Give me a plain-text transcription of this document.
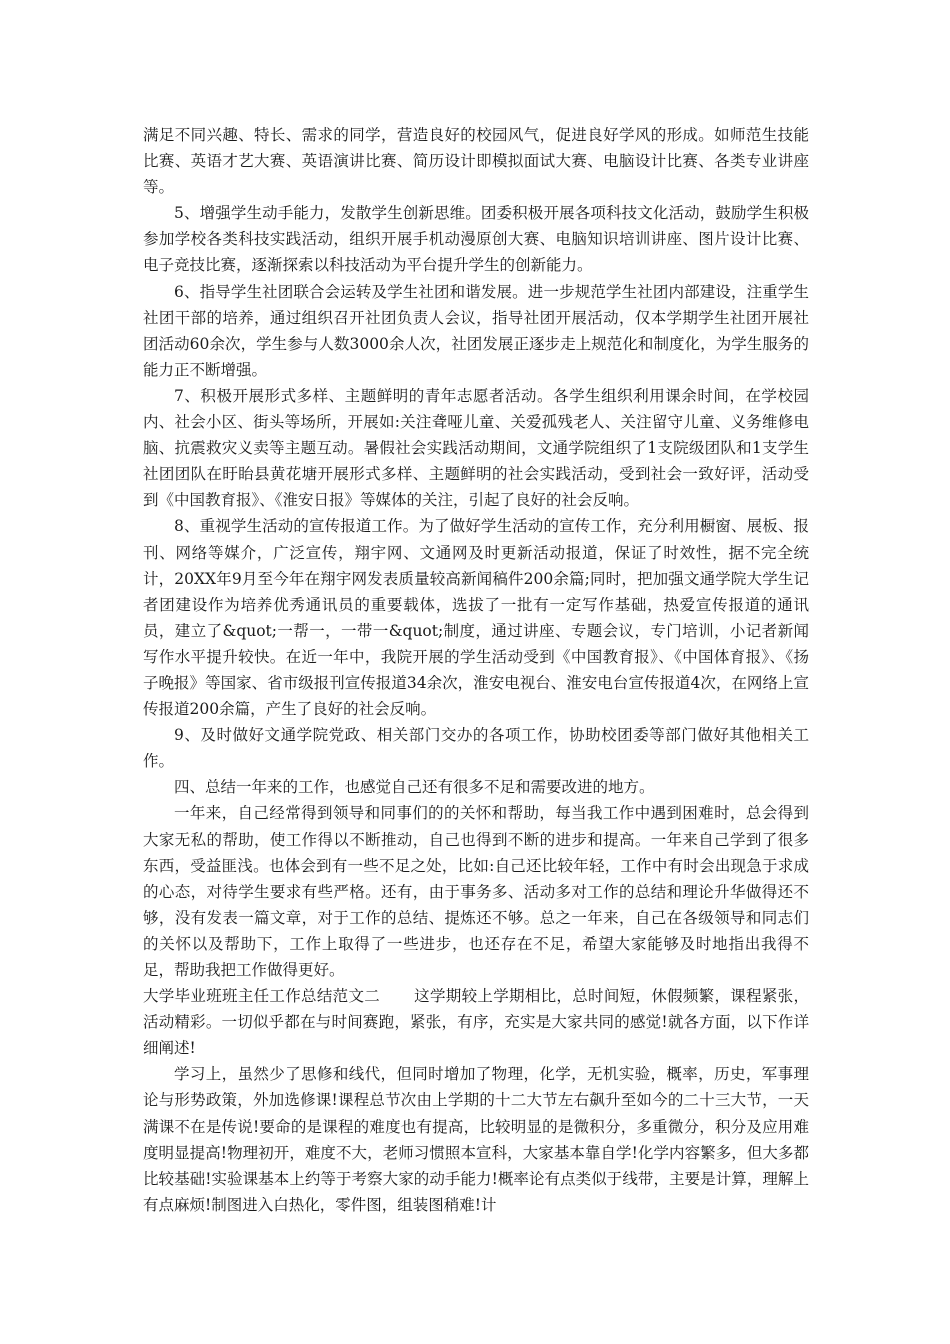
满足不同兴趣、特长、需求的同学，营造良好的校园风气，促进良好学风的形成。如师范生技能比赛、英语才艺大赛、英语演讲比赛、简历设计即模拟面试大赛、电脑设计比赛、各类专业讲座等。

5、增强学生动手能力，发散学生创新思维。团委积极开展各项科技文化活动，鼓励学生积极参加学校各类科技实践活动，组织开展手机动漫原创大赛、电脑知识培训讲座、图片设计比赛、电子竞技比赛，逐渐探索以科技活动为平台提升学生的创新能力。

6、指导学生社团联合会运转及学生社团和谐发展。进一步规范学生社团内部建设，注重学生社团干部的培养，通过组织召开社团负责人会议，指导社团开展活动，仅本学期学生社团开展社团活动60余次，学生参与人数3000余人次，社团发展正逐步走上规范化和制度化，为学生服务的能力正不断增强。

7、积极开展形式多样、主题鲜明的青年志愿者活动。各学生组织利用课余时间，在学校园内、社会小区、街头等场所，开展如:关注聋哑儿童、关爱孤残老人、关注留守儿童、义务维修电脑、抗震救灾义卖等主题互动。暑假社会实践活动期间，文通学院组织了1支院级团队和1支学生社团团队在盱眙县黄花塘开展形式多样、主题鲜明的社会实践活动，受到社会一致好评，活动受到《中国教育报》、《淮安日报》等媒体的关注，引起了良好的社会反响。

8、重视学生活动的宣传报道工作。为了做好学生活动的宣传工作，充分利用橱窗、展板、报刊、网络等媒介，广泛宣传，翔宇网、文通网及时更新活动报道，保证了时效性，据不完全统计，20XX年9月至今年在翔宇网发表质量较高新闻稿件200余篇;同时，把加强文通学院大学生记者团建设作为培养优秀通讯员的重要载体，选拔了一批有一定写作基础，热爱宣传报道的通讯员，建立了&quot;一帮一，一带一&quot;制度，通过讲座、专题会议，专门培训，小记者新闻写作水平提升较快。在近一年中，我院开展的学生活动受到《中国教育报》、《中国体育报》、《扬子晚报》等国家、省市级报刊宣传报道34余次，淮安电视台、淮安电台宣传报道4次，在网络上宣传报道200余篇，产生了良好的社会反响。

9、及时做好文通学院党政、相关部门交办的各项工作，协助校团委等部门做好其他相关工作。

四、总结一年来的工作，也感觉自己还有很多不足和需要改进的地方。

一年来，自己经常得到领导和同事们的的关怀和帮助，每当我工作中遇到困难时，总会得到大家无私的帮助，使工作得以不断推动，自己也得到不断的进步和提高。一年来自己学到了很多东西，受益匪浅。也体会到有一些不足之处，比如:自己还比较年轻，工作中有时会出现急于求成的心态，对待学生要求有些严格。还有，由于事务多、活动多对工作的总结和理论升华做得还不够，没有发表一篇文章，对于工作的总结、提炼还不够。总之一年来，自己在各级领导和同志们的关怀以及帮助下，工作上取得了一些进步，也还存在不足，希望大家能够及时地指出我得不足，帮助我把工作做得更好。

大学毕业班班主任工作总结范文二 这学期较上学期相比，总时间短，休假频繁，课程紧张，活动精彩。一切似乎都在与时间赛跑，紧张，有序，充实是大家共同的感觉!就各方面，以下作详细阐述!

学习上，虽然少了思修和线代，但同时增加了物理，化学，无机实验，概率，历史，军事理论与形势政策，外加选修课!课程总节次由上学期的十二大节左右飙升至如今的二十三大节，一天满课不在是传说!要命的是课程的难度也有提高，比较明显的是微积分，多重微分，积分及应用难度明显提高!物理初开，难度不大，老师习惯照本宣科，大家基本靠自学!化学内容繁多，但大多都比较基础!实验课基本上约等于考察大家的动手能力!概率论有点类似于线带，主要是计算，理解上有点麻烦!制图进入白热化，零件图，组装图稍难!计
